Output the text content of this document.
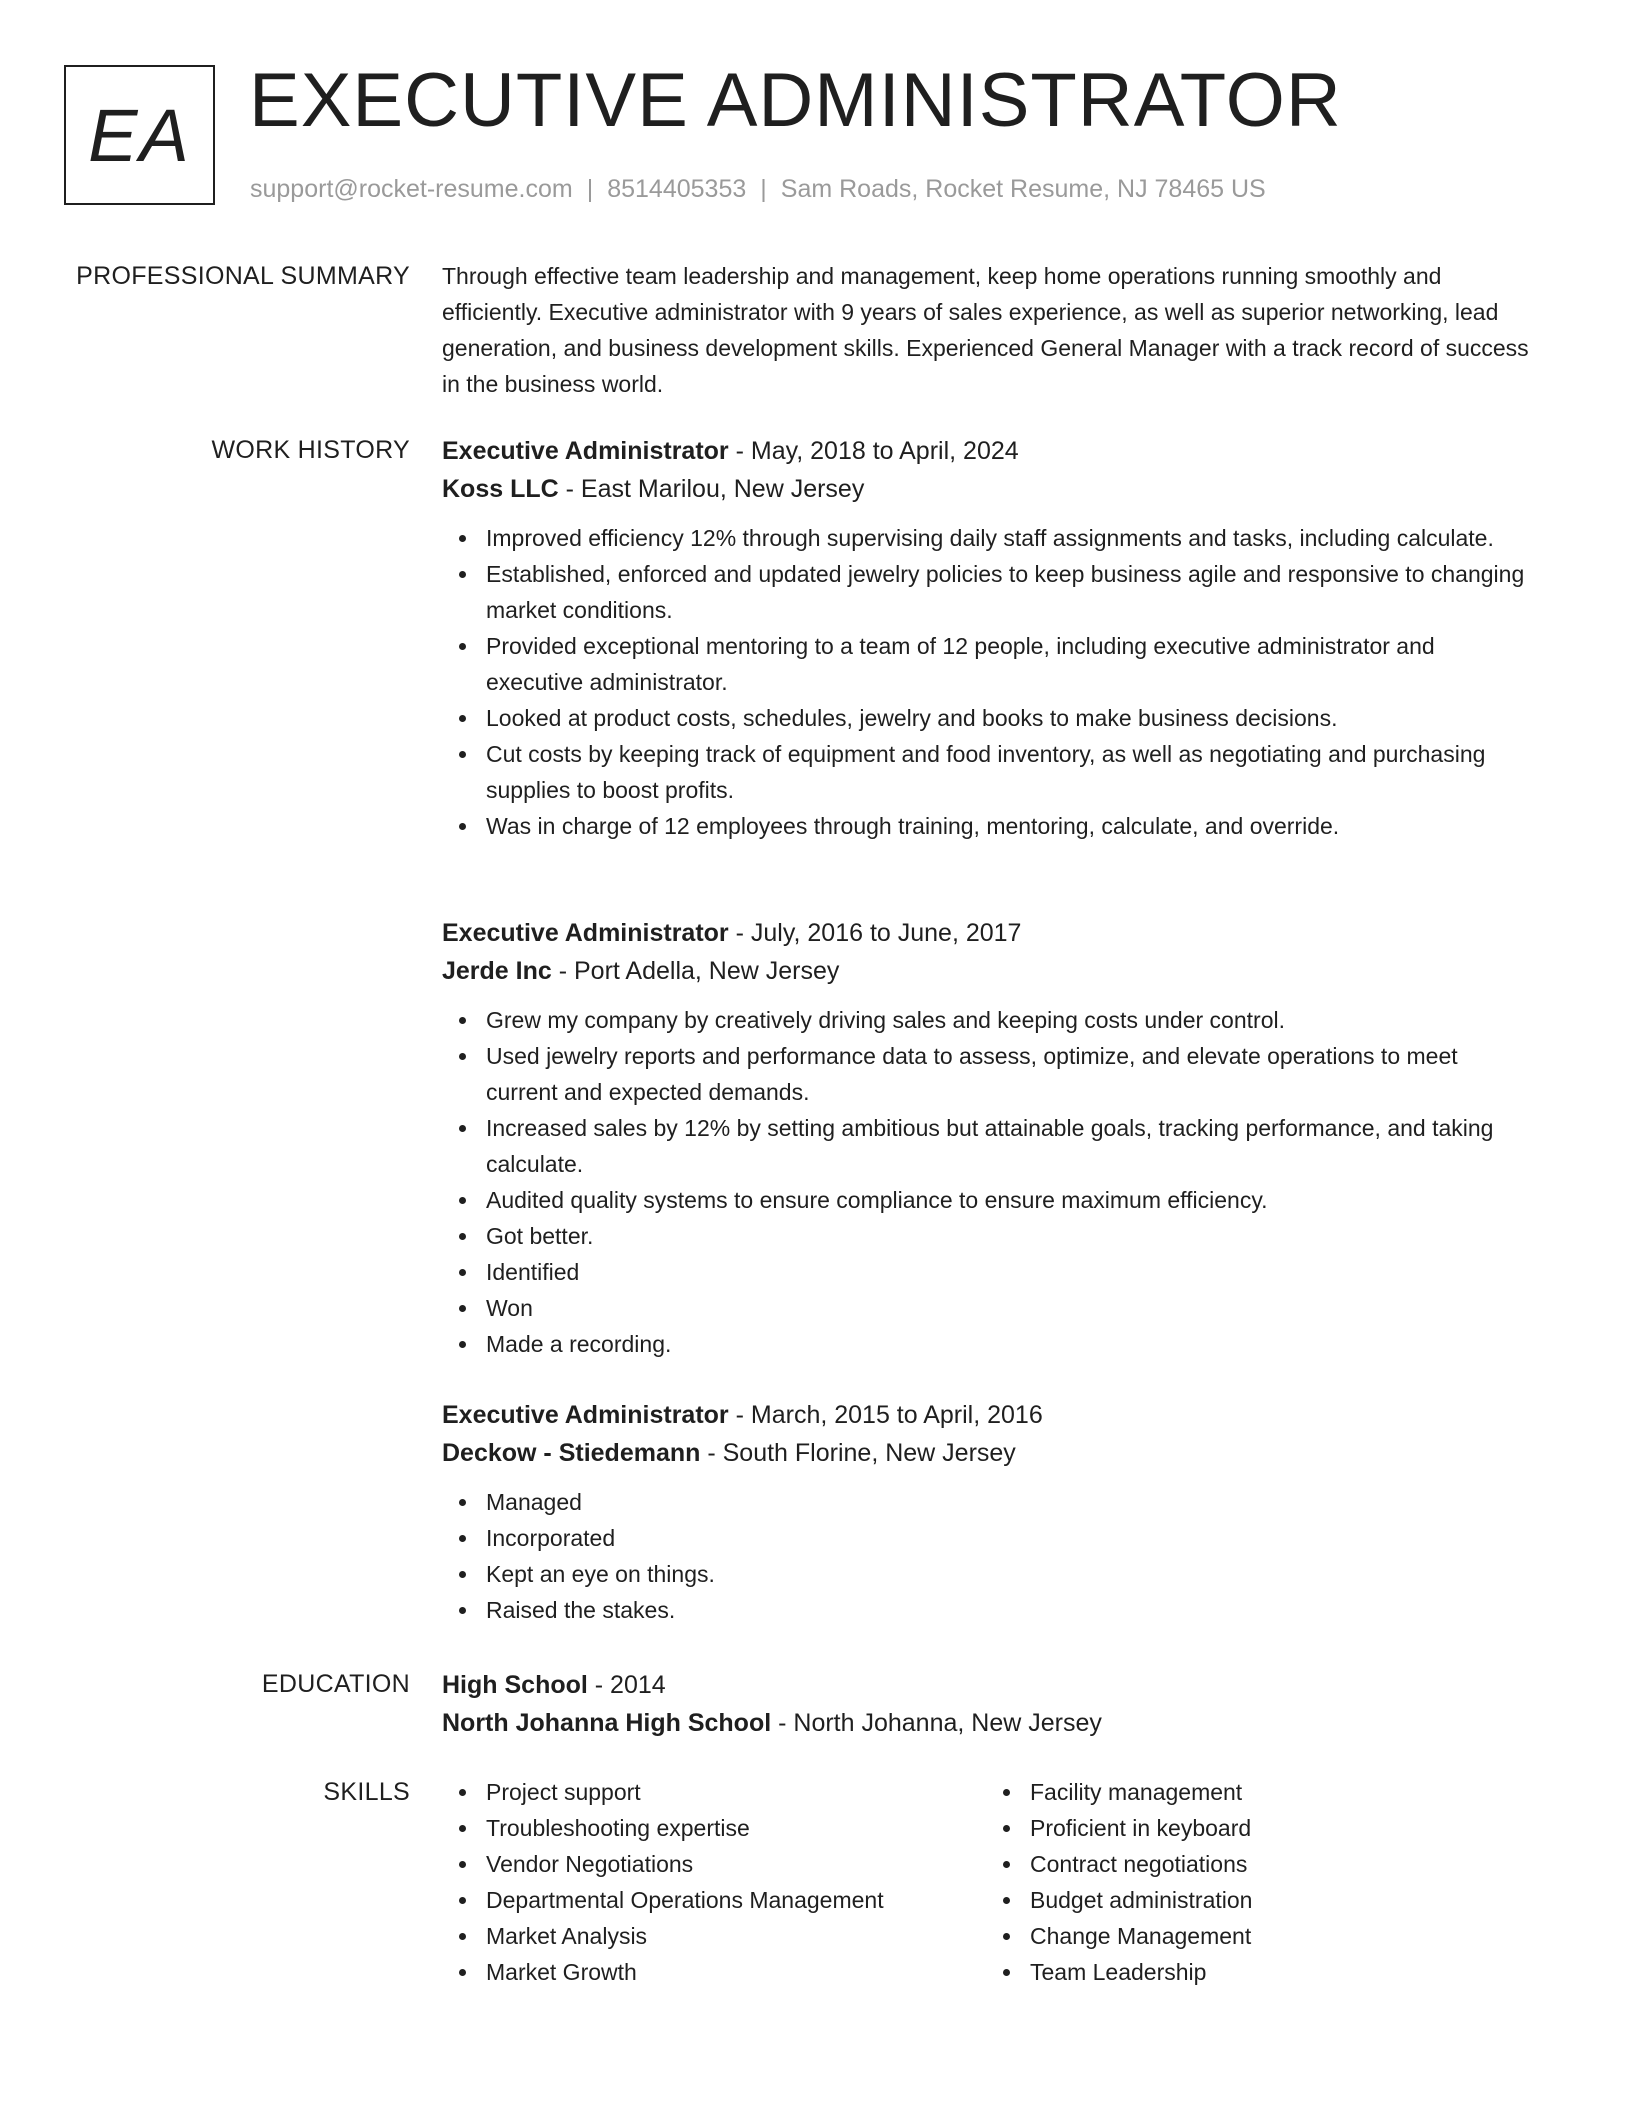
EA EXECUTIVE ADMINISTRATOR
support@rocket-resume.com | 8514405353 | Sam Roads, Rocket Resume, NJ 78465 US
PROFESSIONAL SUMMARY Through effective team leadership and management, keep home operations running smoothly and efficiently. Executive administrator with 9 years of sales experience, as well as superior networking, lead generation, and business development skills. Experienced General Manager with a track record of success in the business world.

WORK HISTORY Executive Administrator - May, 2018 to April, 2024

Koss LLC - East Marilou, New Jersey

Improved efficiency 12% through supervising daily staff assignments and tasks, including calculate.
Established, enforced and updated jewelry policies to keep business agile and responsive to changing market conditions.
Provided exceptional mentoring to a team of 12 people, including executive administrator and executive administrator.
Looked at product costs, schedules, jewelry and books to make business decisions.
Cut costs by keeping track of equipment and food inventory, as well as negotiating and purchasing supplies to boost profits.
Was in charge of 12 employees through training, mentoring, calculate, and override.

Executive Administrator - July, 2016 to June, 2017

Jerde Inc - Port Adella, New Jersey

Grew my company by creatively driving sales and keeping costs under control.
Used jewelry reports and performance data to assess, optimize, and elevate operations to meet current and expected demands.
Increased sales by 12% by setting ambitious but attainable goals, tracking performance, and taking calculate.
Audited quality systems to ensure compliance to ensure maximum efficiency.
Got better.
Identified
Won
Made a recording.

Executive Administrator - March, 2015 to April, 2016

Deckow - Stiedemann - South Florine, New Jersey

Managed
Incorporated
Kept an eye on things.
Raised the stakes.
EDUCATION High School - 2014

North Johanna High School - North Johanna, New Jersey

SKILLS	Project support
Troubleshooting expertise
Vendor Negotiations
Departmental Operations Management
Market Analysis
Market Growth
Facility management
Proficient in keyboard
Contract negotiations
Budget administration
Change Management
Team Leadership
